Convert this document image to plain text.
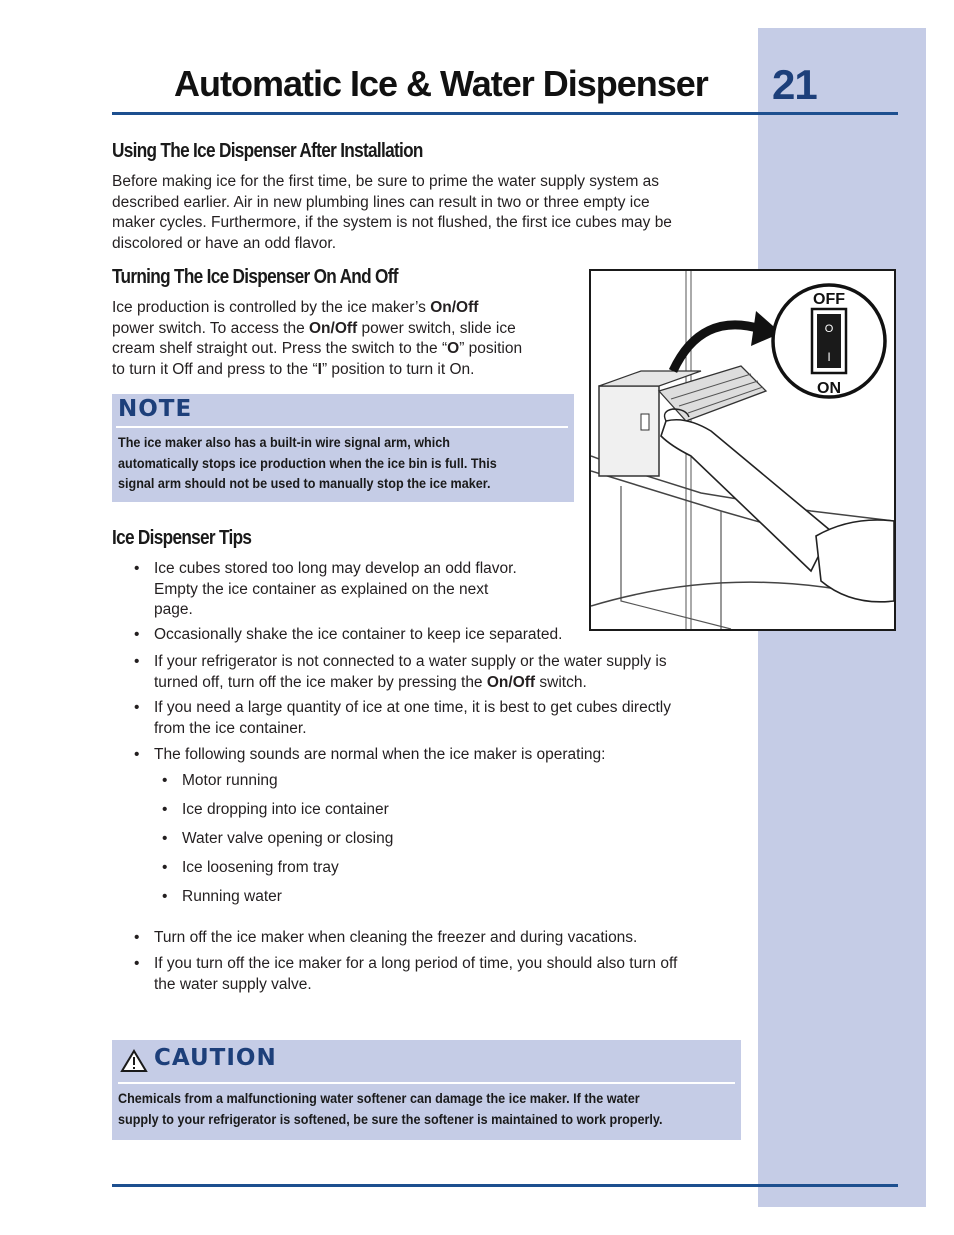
Automatic Ice & Water Dispenser 21
Using The Ice Dispenser After Installation
Before making ice for the first time, be sure to prime the water supply system as
described earlier. Air in new plumbing lines can result in two or three empty ice
maker cycles. Furthermore, if the system is not flushed, the first ice cubes may be
discolored or have an odd flavor.
Turning The Ice Dispenser On And Off
Ice production is controlled by the ice maker’s On/Off
power switch. To access the On/Off power switch, slide ice
cream shelf straight out. Press the switch to the “O” position
to turn it Off and press to the “I” position to turn it On.
NOTE
The ice maker also has a built-in wire signal arm, which
automatically stops ice production when the ice bin is full. This
signal arm should not be used to manually stop the ice maker.
OFF
ON
O
I
Ice Dispenser Tips
• Ice cubes stored too long may develop an odd flavor.
Empty the ice container as explained on the next
page.
• Occasionally shake the ice container to keep ice separated.
• If your refrigerator is not connected to a water supply or the water supply is
turned off, turn off the ice maker by pressing the On/Off switch.
• If you need a large quantity of ice at one time, it is best to get cubes directly
from the ice container.
• The following sounds are normal when the ice maker is operating:
• Motor running
• Ice dropping into ice container
• Water valve opening or closing
• Ice loosening from tray
• Running water
• Turn off the ice maker when cleaning the freezer and during vacations.
• If you turn off the ice maker for a long period of time, you should also turn off
the water supply valve.
CAUTION
Chemicals from a malfunctioning water softener can damage the ice maker. If the water
supply to your refrigerator is softened, be sure the softener is maintained to work properly.
